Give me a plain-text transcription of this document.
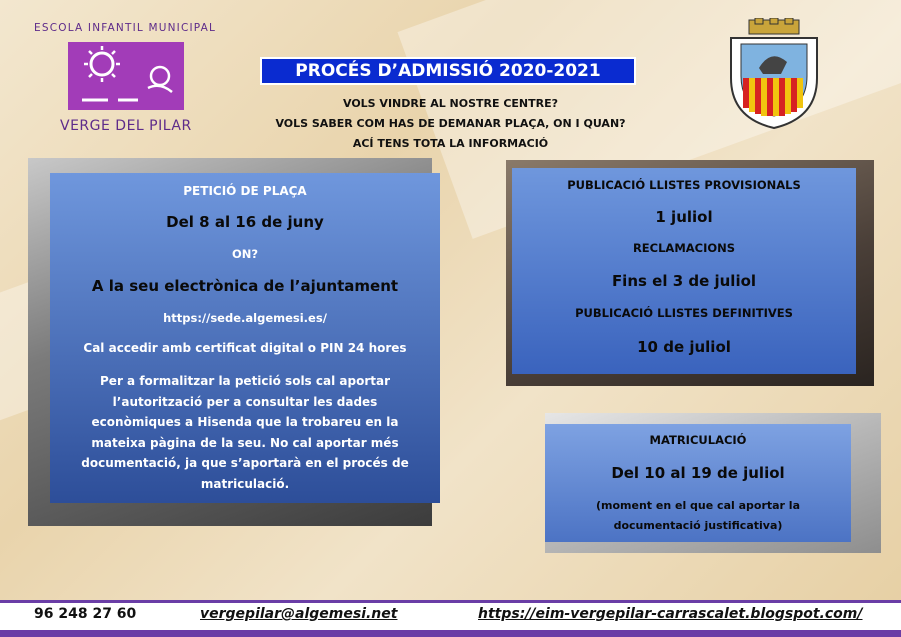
ESCOLA INFANTIL MUNICIPAL
VERGE DEL PILAR
PROCÉS D’ADMISSIÓ 2020-2021
VOLS VINDRE AL NOSTRE CENTRE?
VOLS SABER COM HAS DE DEMANAR PLAÇA, ON I QUAN?
ACÍ TENS TOTA LA INFORMACIÓ
PETICIÓ DE PLAÇA
Del 8 al 16 de juny
ON?
A la seu electrònica de l’ajuntament
https://sede.algemesi.es/
Cal accedir amb certificat digital o PIN 24 hores
Per a formalitzar la petició sols cal aportar
l’autorització per a consultar les dades
econòmiques a Hisenda que la trobareu en la
mateixa pàgina de la seu. No cal aportar més
documentació, ja que s’aportarà en el procés de
matriculació.
PUBLICACIÓ LLISTES PROVISIONALS
1 juliol
RECLAMACIONS
Fins el 3 de juliol
PUBLICACIÓ LLISTES DEFINITIVES
10 de juliol
MATRICULACIÓ
Del 10 al 19 de juliol
(moment en el que cal aportar la
documentació justificativa)
96 248 27 60	vergepilar@algemesi.net	https://eim-vergepilar-carrascalet.blogspot.com/
